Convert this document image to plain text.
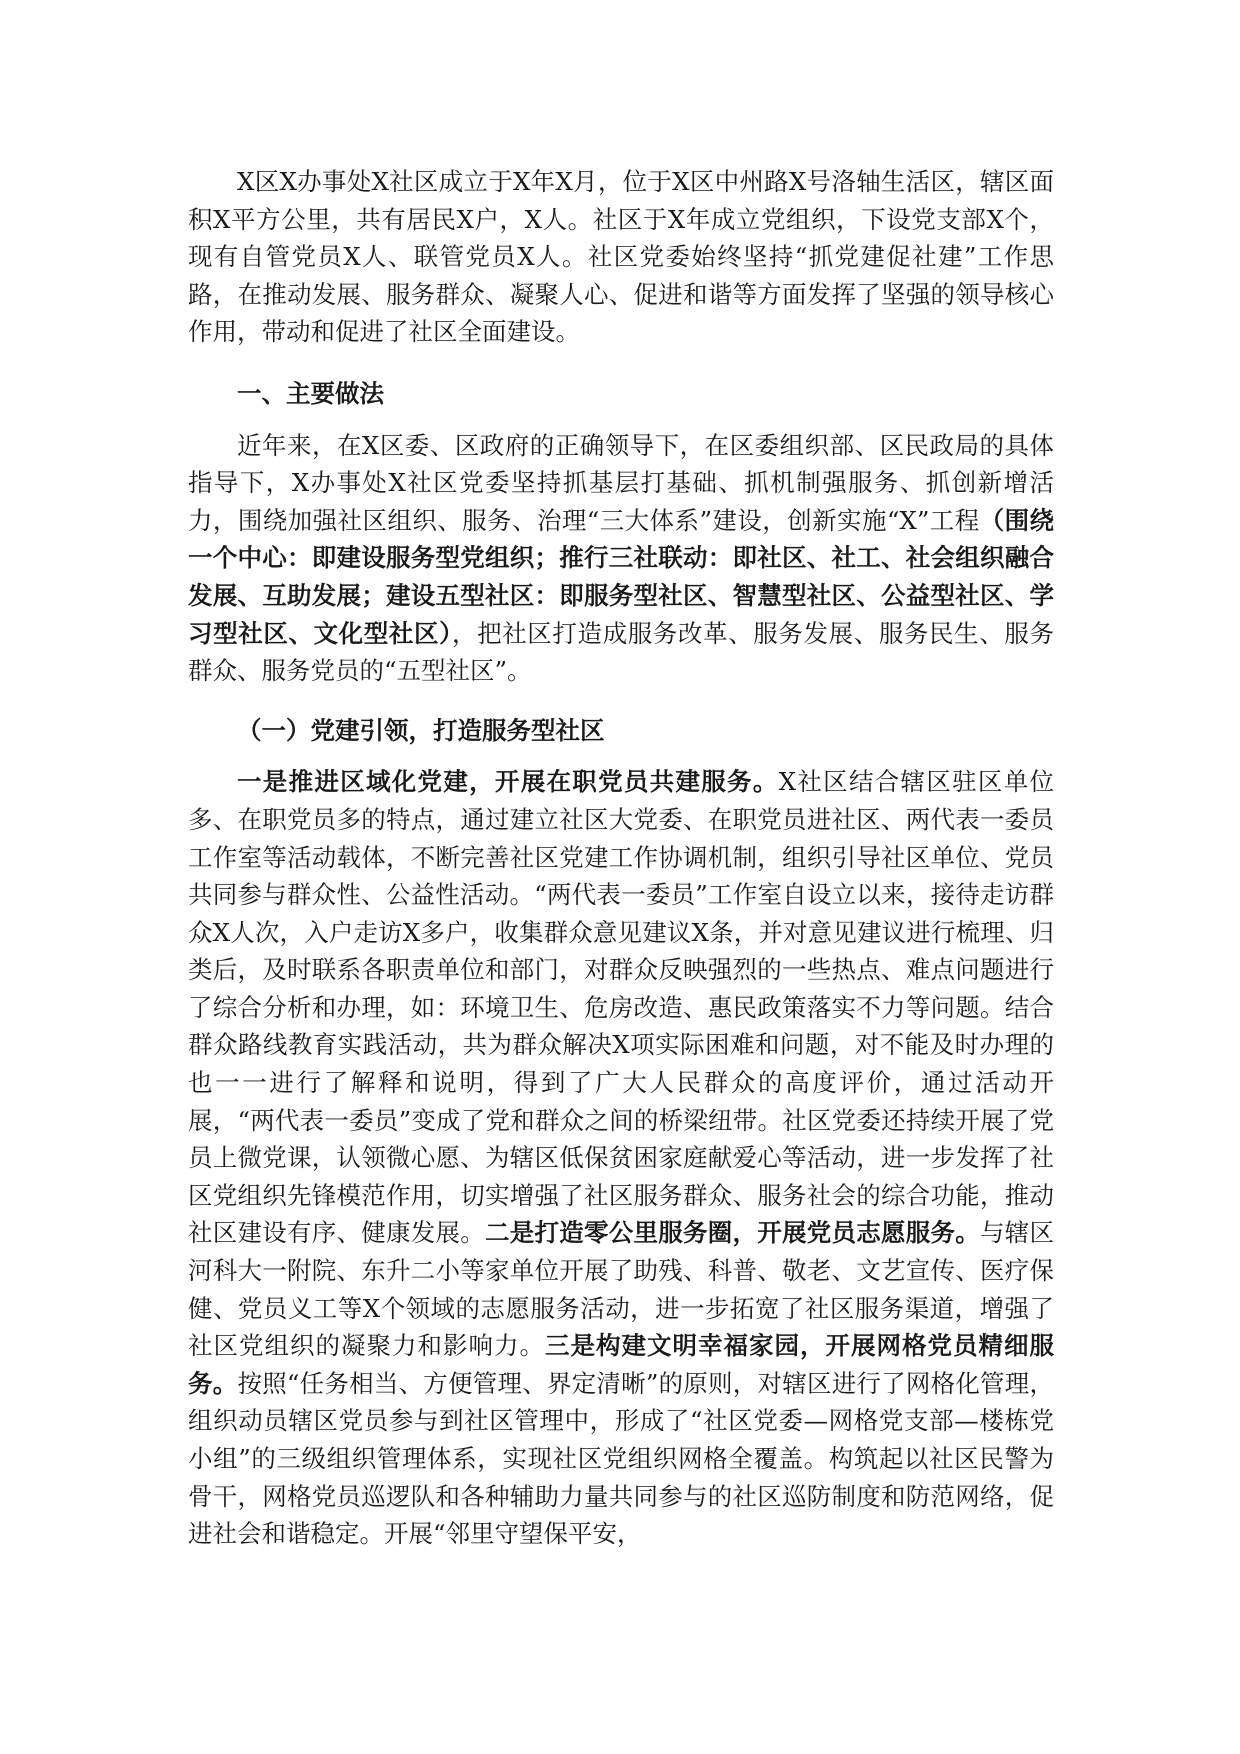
X区X办事处X社区成立于X年X月，位于X区中州路X号洛轴生活区，辖区面积X平方公里，共有居民X户，X人。社区于X年成立党组织，下设党支部X个，现有自管党员X人、联管党员X人。社区党委始终坚持“抓党建促社建”工作思路，在推动发展、服务群众、凝聚人心、促进和谐等方面发挥了坚强的领导核心作用，带动和促进了社区全面建设。

一、主要做法

近年来，在X区委、区政府的正确领导下，在区委组织部、区民政局的具体指导下，X办事处X社区党委坚持抓基层打基础、抓机制强服务、抓创新增活力，围绕加强社区组织、服务、治理“三大体系”建设，创新实施“X”工程（围绕一个中心：即建设服务型党组织；推行三社联动：即社区、社工、社会组织融合发展、互助发展；建设五型社区：即服务型社区、智慧型社区、公益型社区、学习型社区、文化型社区），把社区打造成服务改革、服务发展、服务民生、服务群众、服务党员的“五型社区”。

（一）党建引领，打造服务型社区

一是推进区域化党建，开展在职党员共建服务。X社区结合辖区驻区单位多、在职党员多的特点，通过建立社区大党委、在职党员进社区、两代表一委员工作室等活动载体，不断完善社区党建工作协调机制，组织引导社区单位、党员共同参与群众性、公益性活动。“两代表一委员”工作室自设立以来，接待走访群众X人次，入户走访X多户，收集群众意见建议X条，并对意见建议进行梳理、归类后，及时联系各职责单位和部门，对群众反映强烈的一些热点、难点问题进行了综合分析和办理，如：环境卫生、危房改造、惠民政策落实不力等问题。结合群众路线教育实践活动，共为群众解决X项实际困难和问题，对不能及时办理的也一一进行了解释和说明，得到了广大人民群众的高度评价，通过活动开展，“两代表一委员”变成了党和群众之间的桥梁纽带。社区党委还持续开展了党员上微党课，认领微心愿、为辖区低保贫困家庭献爱心等活动，进一步发挥了社区党组织先锋模范作用，切实增强了社区服务群众、服务社会的综合功能，推动社区建设有序、健康发展。二是打造零公里服务圈，开展党员志愿服务。与辖区河科大一附院、东升二小等家单位开展了助残、科普、敬老、文艺宣传、医疗保健、党员义工等X个领域的志愿服务活动，进一步拓宽了社区服务渠道，增强了社区党组织的凝聚力和影响力。三是构建文明幸福家园，开展网格党员精细服务。按照“任务相当、方便管理、界定清晰”的原则，对辖区进行了网格化管理，组织动员辖区党员参与到社区管理中，形成了“社区党委—网格党支部—楼栋党小组”的三级组织管理体系，实现社区党组织网格全覆盖。构筑起以社区民警为骨干，网格党员巡逻队和各种辅助力量共同参与的社区巡防制度和防范网络，促进社会和谐稳定。开展“邻里守望保平安，
